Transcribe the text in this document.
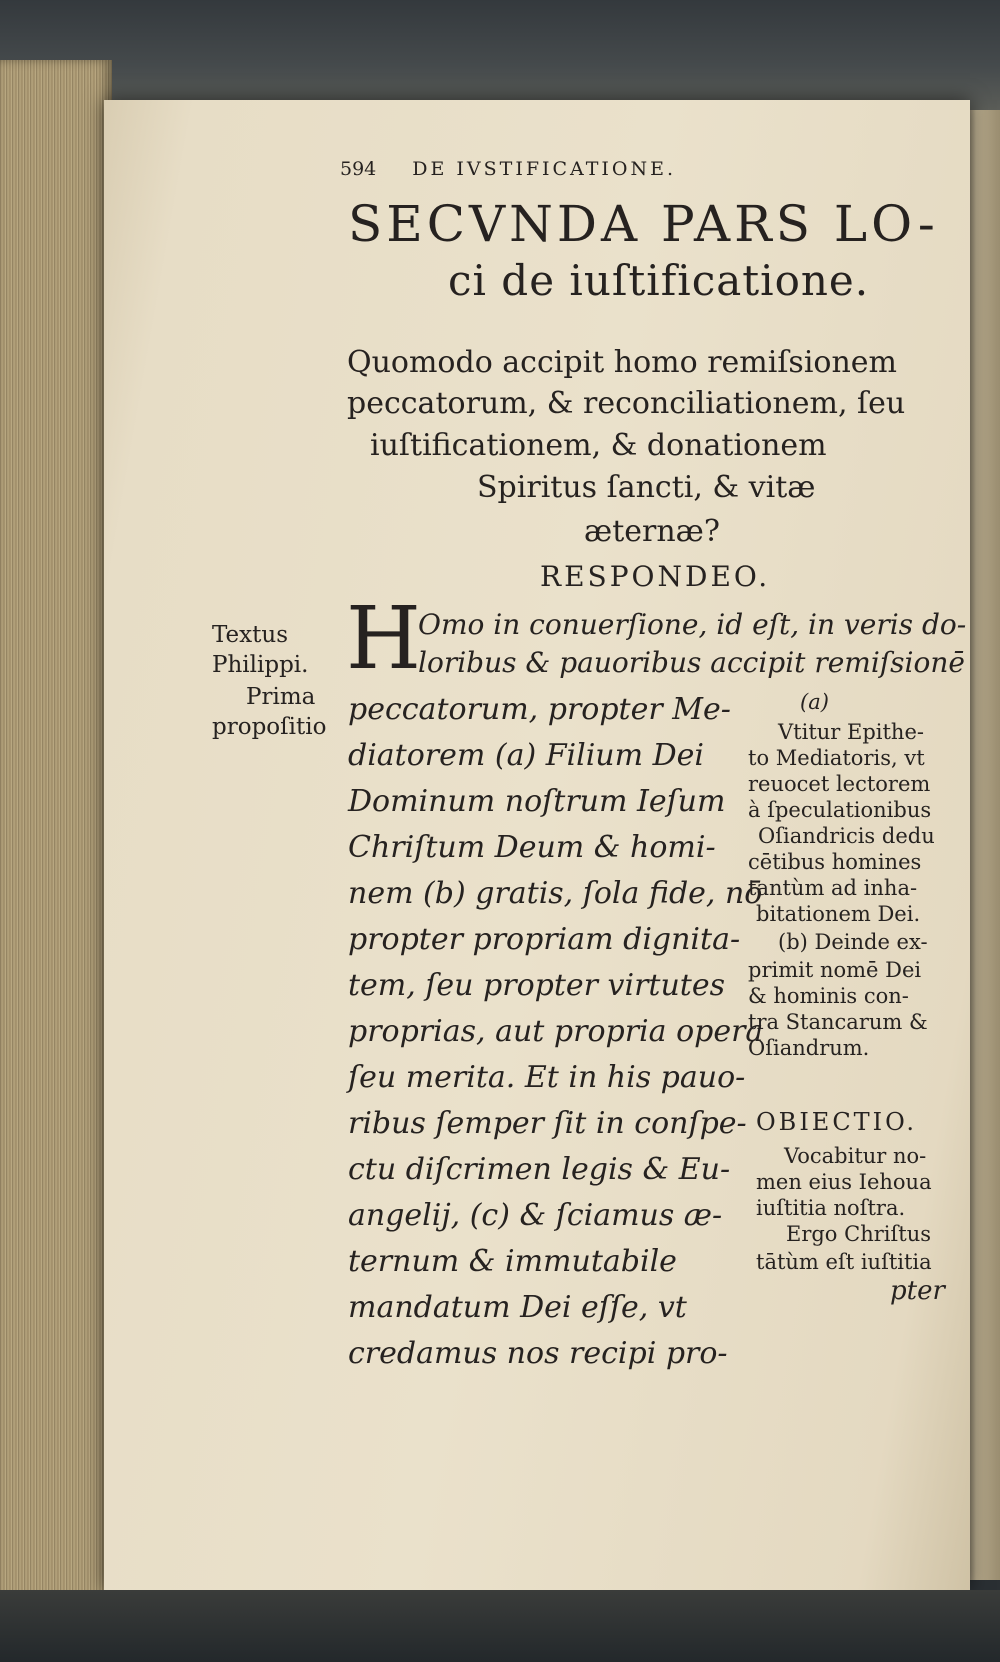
594 DE IVSTIFICATIONE.
SECVNDA PARS LO-
ci de iuſtificatione.
Quomodo accipit homo remiſsionem
peccatorum, & reconciliationem, ſeu
iuſtificationem, & donationem
Spiritus ſancti, & vitæ
æternæ?
RESPONDEO.
H
Omo in conuerſione, id eſt, in veris do-
loribus & pauoribus accipit remiſsionē
peccatorum, propter Me-
diatorem (a) Filium Dei
Dominum noſtrum Ieſum
Chriſtum Deum & homi-
nem (b) gratis, ſola fide, nō
propter propriam dignita-
tem, ſeu propter virtutes
proprias, aut propria opera
ſeu merita. Et in his pauo-
ribus ſemper ſit in conſpe-
ctu diſcrimen legis & Eu-
angelij, (c) & ſciamus æ-
ternum & immutabile
mandatum Dei eſſe, vt
credamus nos recipi pro-
Textus
Philippi.
Prima
propoſitio
(a)
Vtitur Epithe-
to Mediatoris, vt
reuocet lectorem
à ſpeculationibus
Oſiandricis dedu
cētibus homines
tantùm ad inha-
bitationem Dei.
(b) Deinde ex-
primit nomē Dei
& hominis con-
tra Stancarum &
Oſiandrum.
OBIECTIO.
Vocabitur no-
men eius Iehoua
iuſtitia noſtra.
Ergo Chriſtus
tātùm eſt iuſtitia
pter
